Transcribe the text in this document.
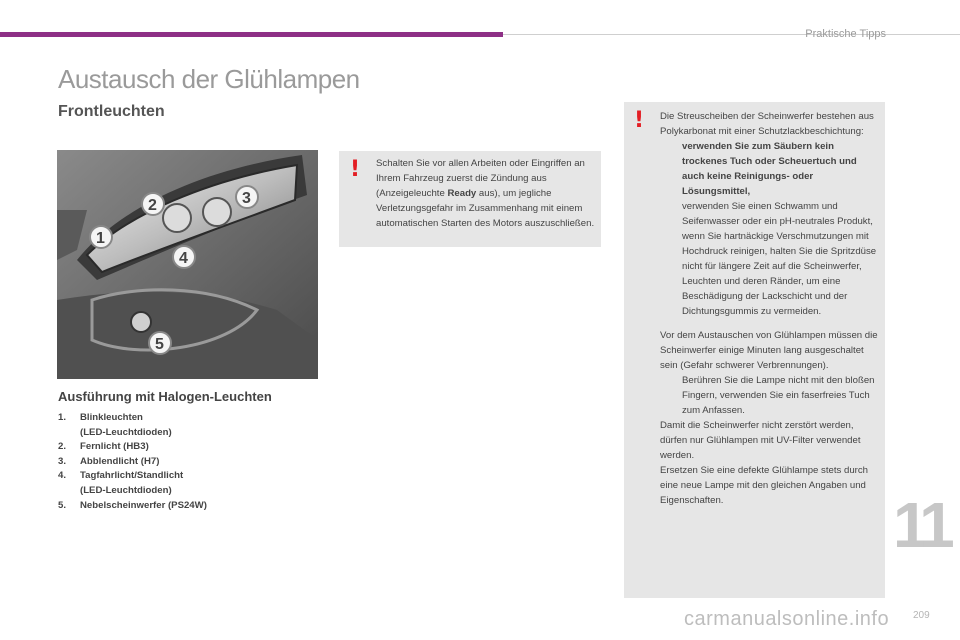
Praktische Tipps
Austausch der Glühlampen
Frontleuchten
1
2	3
4
5
! Schalten Sie vor allen Arbeiten oder Eingriffen an Ihrem Fahrzeug zuerst die Zündung aus (Anzeigeleuchte Ready aus), um jegliche Verletzungsgefahr im Zusammenhang mit einem automatischen Starten des Motors auszuschließen.
! Die Streuscheiben der Scheinwerfer bestehen aus Polykarbonat mit einer Schutzlackbeschichtung:

verwenden Sie zum Säubern kein trockenes Tuch oder Scheuertuch und auch keine Reinigungs- oder Lösungsmittel,
verwenden Sie einen Schwamm und Seifenwasser oder ein pH-neutrales Produkt,
wenn Sie hartnäckige Verschmutzungen mit Hochdruck reinigen, halten Sie die Spritzdüse nicht für längere Zeit auf die Scheinwerfer, Leuchten und deren Ränder, um eine Beschädigung der Lackschicht und der Dichtungsgummis zu vermeiden.

Vor dem Austauschen von Glühlampen müssen die Scheinwerfer einige Minuten lang ausgeschaltet sein (Gefahr schwerer Verbrennungen).

Berühren Sie die Lampe nicht mit den bloßen Fingern, verwenden Sie ein faserfreies Tuch zum Anfassen.

Damit die Scheinwerfer nicht zerstört werden, dürfen nur Glühlampen mit UV-Filter verwendet werden.

Ersetzen Sie eine defekte Glühlampe stets durch eine neue Lampe mit den gleichen Angaben und Eigenschaften.

Ausführung mit Halogen-Leuchten
1. Blinkleuchten
(LED-Leuchtdioden)
2. Fernlicht (HB3)
3. Abblendlicht (H7)
4. Tagfahrlicht/Standlicht
(LED-Leuchtdioden)
5. Nebelscheinwerfer (PS24W)	11
209
carmanualsonline.info
